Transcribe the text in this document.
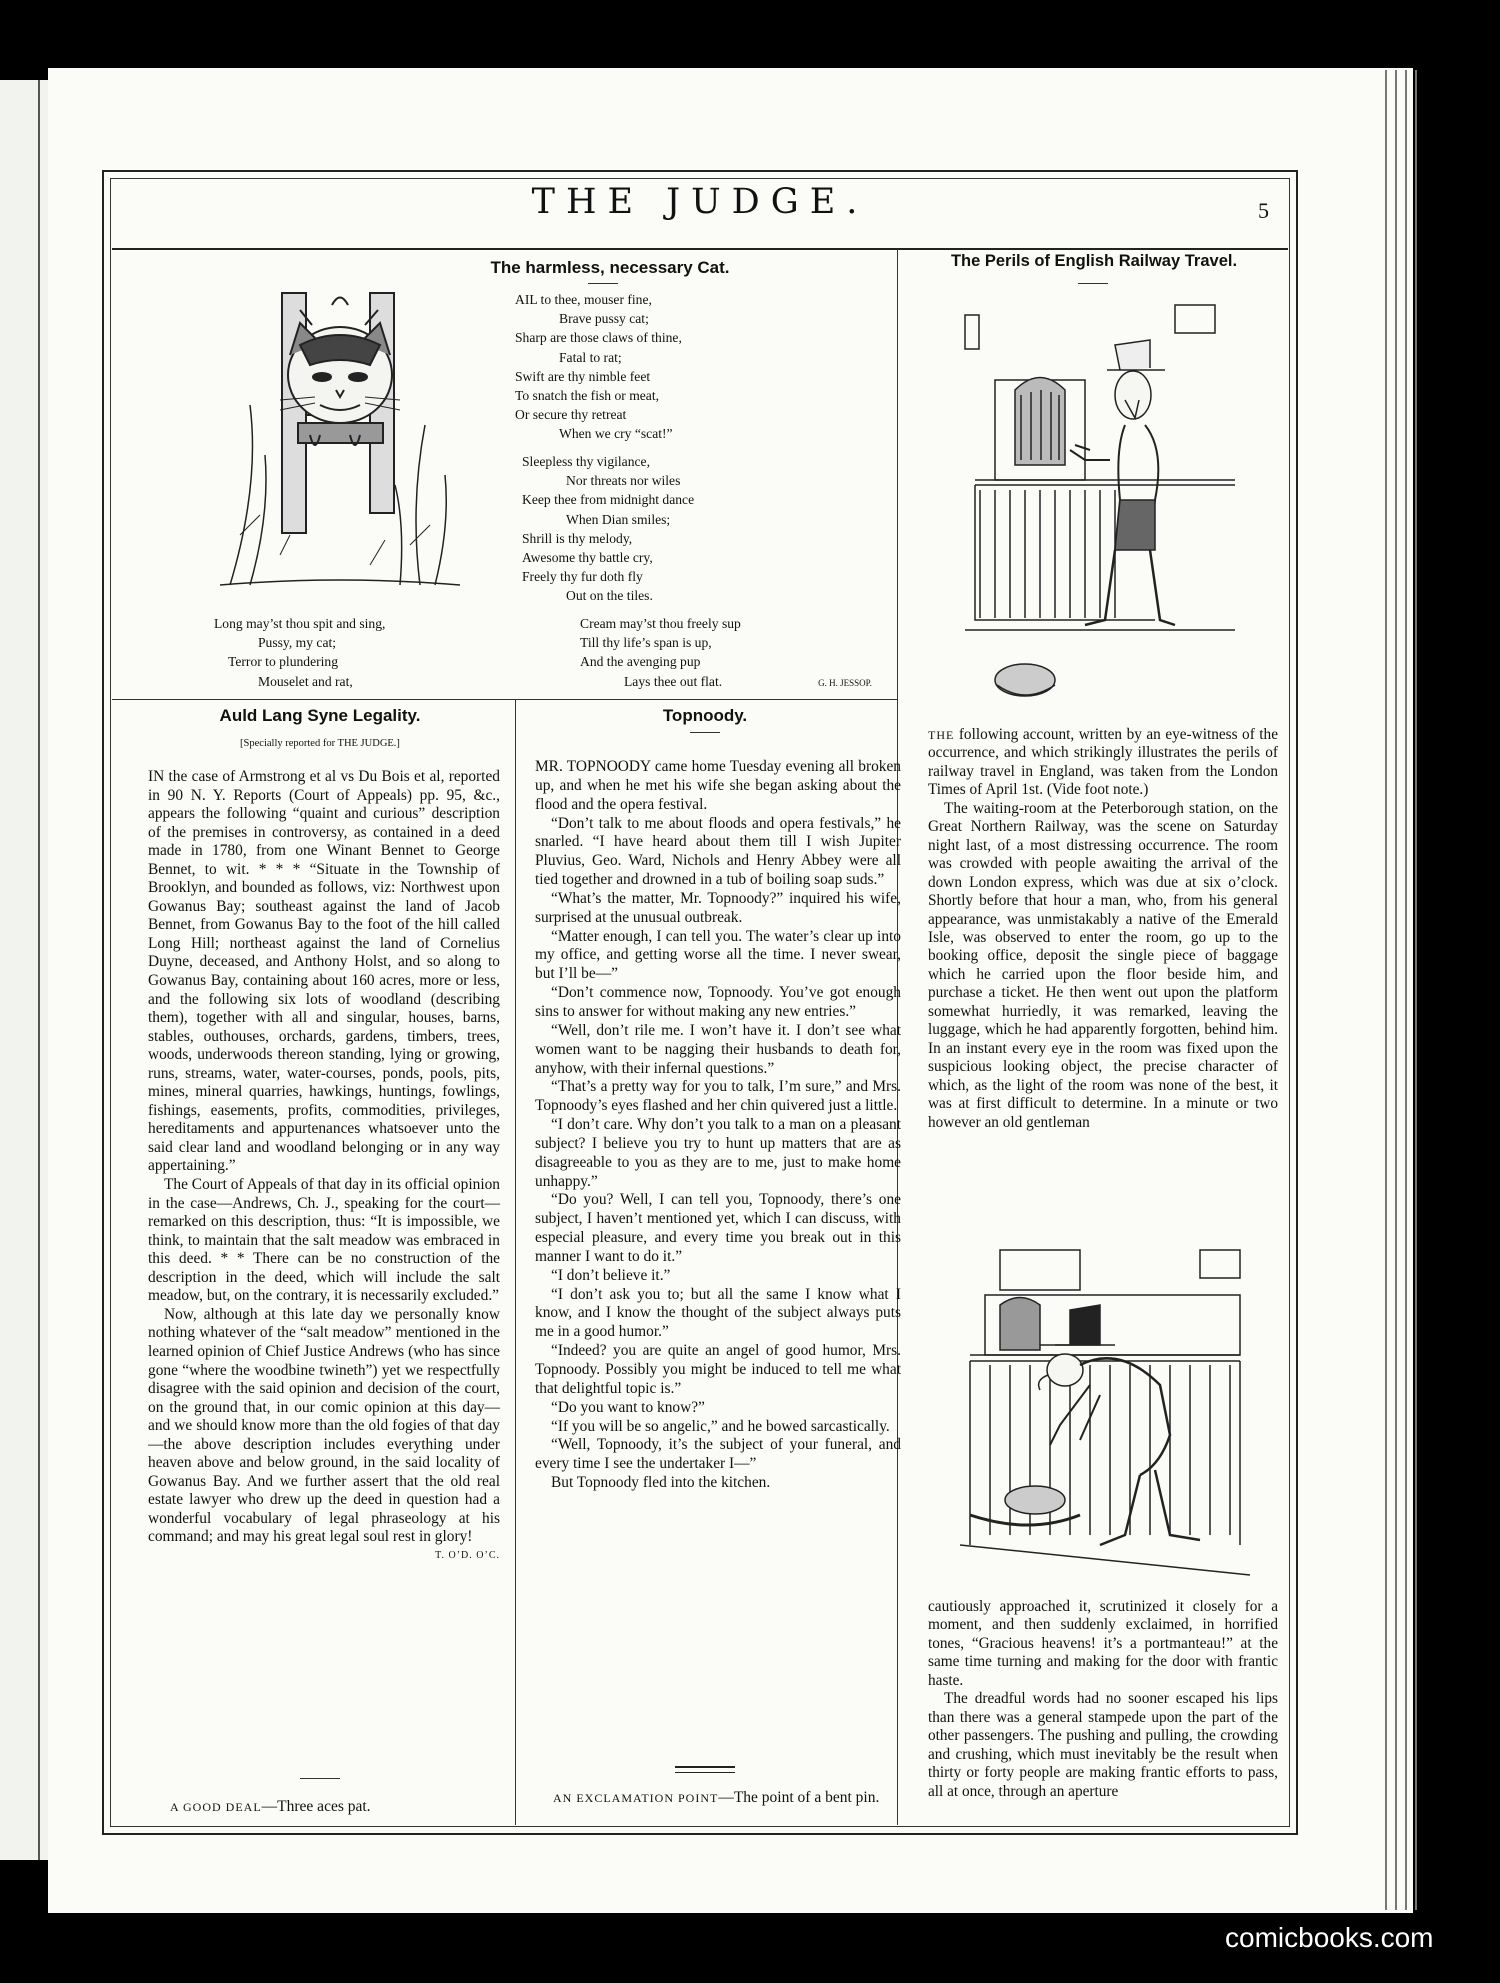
THE JUDGE.	5
The harmless, necessary Cat.
AIL to thee, mouser fine,
Brave pussy cat;
Sharp are those claws of thine,
Fatal to rat;
Swift are thy nimble feet
To snatch the fish or meat,
Or secure thy retreat
When we cry “scat!”
Sleepless thy vigilance,
Nor threats nor wiles
Keep thee from midnight dance
When Dian smiles;
Shrill is thy melody,
Awesome thy battle cry,
Freely thy fur doth fly
Out on the tiles.
Long may’st thou spit and sing,
Pussy, my cat;
Terror to plundering
Mouselet and rat,
Cream may’st thou freely sup
Till thy life’s span is up,
And the avenging pup
Lays thee out flat.	G. H. JESSOP.
The Perils of English Railway Travel.

THE following account, written by an eye-witness of the occurrence, and which strikingly illustrates the perils of railway travel in England, was taken from the London Times of April 1st. (Vide foot note.)

The waiting-room at the Peterborough station, on the Great Northern Railway, was the scene on Saturday night last, of a most distressing occurrence. The room was crowded with people awaiting the arrival of the down London express, which was due at six o’clock. Shortly before that hour a man, who, from his general appearance, was unmistakably a native of the Emerald Isle, was observed to enter the room, go up to the booking office, deposit the single piece of baggage which he carried upon the floor beside him, and purchase a ticket. He then went out upon the platform somewhat hurriedly, it was remarked, leaving the luggage, which he had apparently forgotten, behind him. In an instant every eye in the room was fixed upon the suspicious looking object, the precise character of which, as the light of the room was none of the best, it was at first difficult to determine. In a minute or two however an old gentleman

cautiously approached it, scrutinized it closely for a moment, and then suddenly exclaimed, in horrified tones, “Gracious heavens! it’s a portmanteau!” at the same time turning and making for the door with frantic haste.

The dreadful words had no sooner escaped his lips than there was a general stampede upon the part of the other passengers. The pushing and pulling, the crowding and crushing, which must inevitably be the result when thirty or forty people are making frantic efforts to pass, all at once, through an aperture

Auld Lang Syne Legality.
[Specially reported for THE JUDGE.]

IN the case of Armstrong et al vs Du Bois et al, reported in 90 N. Y. Reports (Court of Appeals) pp. 95, &c., appears the following “quaint and curious” description of the premises in controversy, as contained in a deed made in 1780, from one Winant Bennet to George Bennet, to wit. * * * “Situate in the Township of Brooklyn, and bounded as follows, viz: Northwest upon Gowanus Bay; southeast against the land of Jacob Bennet, from Gowanus Bay to the foot of the hill called Long Hill; northeast against the land of Cornelius Duyne, deceased, and Anthony Holst, and so along to Gowanus Bay, containing about 160 acres, more or less, and the following six lots of woodland (describing them), together with all and singular, houses, barns, stables, outhouses, orchards, gardens, timbers, trees, woods, underwoods thereon standing, lying or growing, runs, streams, water, water-courses, ponds, pools, pits, mines, mineral quarries, hawkings, huntings, fowlings, fishings, easements, profits, commodities, privileges, hereditaments and appurtenances whatsoever unto the said clear land and woodland belonging or in any way appertaining.”

The Court of Appeals of that day in its official opinion in the case—Andrews, Ch. J., speaking for the court—remarked on this description, thus: “It is impossible, we think, to maintain that the salt meadow was embraced in this deed. * * There can be no construction of the description in the deed, which will include the salt meadow, but, on the contrary, it is necessarily excluded.”

Now, although at this late day we personally know nothing whatever of the “salt meadow” mentioned in the learned opinion of Chief Justice Andrews (who has since gone “where the woodbine twineth”) yet we respectfully disagree with the said opinion and decision of the court, on the ground that, in our comic opinion at this day—and we should know more than the old fogies of that day—the above description includes everything under heaven above and below ground, in the said locality of Gowanus Bay. And we further assert that the old real estate lawyer who drew up the deed in question had a wonderful vocabulary of legal phraseology at his command; and may his great legal soul rest in glory!

T. O’D. O’C.
A GOOD DEAL—Three aces pat.
Topnoody.

MR. TOPNOODY came home Tuesday evening all broken up, and when he met his wife she began asking about the flood and the opera festival.

“Don’t talk to me about floods and opera festivals,” he snarled. “I have heard about them till I wish Jupiter Pluvius, Geo. Ward, Nichols and Henry Abbey were all tied together and drowned in a tub of boiling soap suds.”

“What’s the matter, Mr. Topnoody?” inquired his wife, surprised at the unusual outbreak.

“Matter enough, I can tell you. The water’s clear up into my office, and getting worse all the time. I never swear, but I’ll be—”

“Don’t commence now, Topnoody. You’ve got enough sins to answer for without making any new entries.”

“Well, don’t rile me. I won’t have it. I don’t see what women want to be nagging their husbands to death for, anyhow, with their infernal questions.”

“That’s a pretty way for you to talk, I’m sure,” and Mrs. Topnoody’s eyes flashed and her chin quivered just a little.

“I don’t care. Why don’t you talk to a man on a pleasant subject? I believe you try to hunt up matters that are as disagreeable to you as they are to me, just to make home unhappy.”

“Do you? Well, I can tell you, Topnoody, there’s one subject, I haven’t mentioned yet, which I can discuss, with especial pleasure, and every time you break out in this manner I want to do it.”

“I don’t believe it.”

“I don’t ask you to; but all the same I know what I know, and I know the thought of the subject always puts me in a good humor.”

“Indeed? you are quite an angel of good humor, Mrs. Topnoody. Possibly you might be induced to tell me what that delightful topic is.”

“Do you want to know?”

“If you will be so angelic,” and he bowed sarcastically.

“Well, Topnoody, it’s the subject of your funeral, and every time I see the undertaker I—”

But Topnoody fled into the kitchen.

AN EXCLAMATION POINT—The point of a bent pin.
comicbooks.com
